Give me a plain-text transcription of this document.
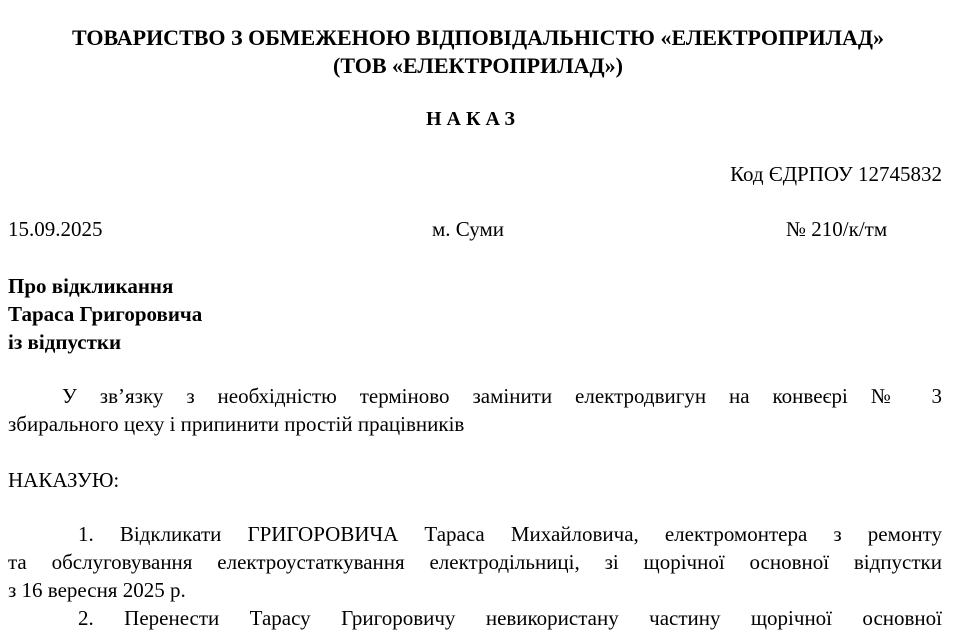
ТОВАРИСТВО З ОБМЕЖЕНОЮ ВІДПОВІДАЛЬНІСТЮ «ЕЛЕКТРОПРИЛАД»
(ТОВ «ЕЛЕКТРОПРИЛАД»)
НАКАЗ
Код ЄДРПОУ 12745832
15.09.2025	м. Суми	№ 210/к/тм
Про відкликання
Тараса Григоровича
із відпустки
У зв’язку з необхідністю терміново замінити електродвигун на конвеєрі № 3
збирального цеху і припинити простій працівників
НАКАЗУЮ:
1. Відкликати ГРИГОРОВИЧА Тараса Михайловича, електромонтера з ремонту
та обслуговування електроустаткування електродільниці, зі щорічної основної відпустки
з 16 вересня 2025 р.
2. Перенести Тарасу Григоровичу невикористану частину щорічної основної
